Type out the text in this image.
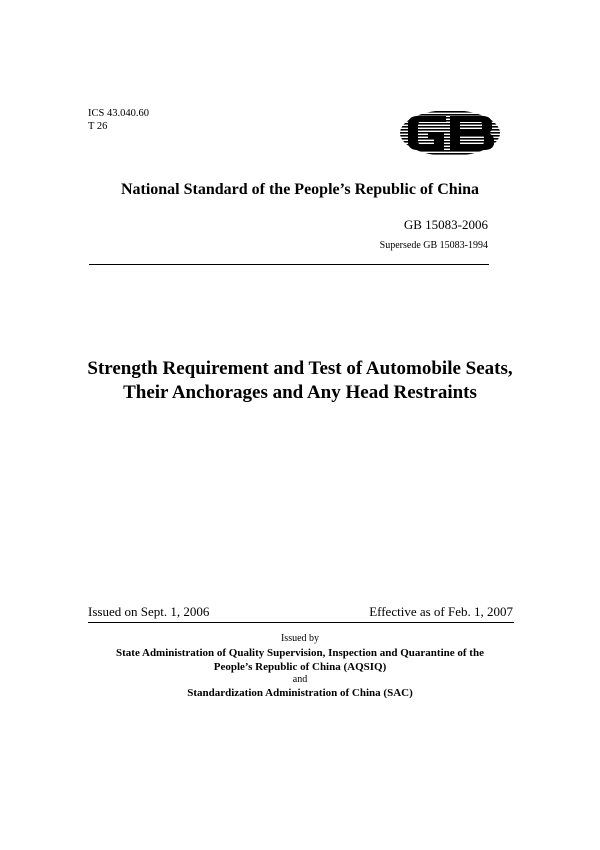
ICS 43.040.60
T 26
National Standard of the People’s Republic of China
GB 15083-2006
Supersede GB 15083-1994
Strength Requirement and Test of Automobile Seats,
Their Anchorages and Any Head Restraints
Issued on Sept. 1, 2006	Effective as of Feb. 1, 2007
Issued by
State Administration of Quality Supervision, Inspection and Quarantine of the
People’s Republic of China (AQSIQ)
and
Standardization Administration of China (SAC)
